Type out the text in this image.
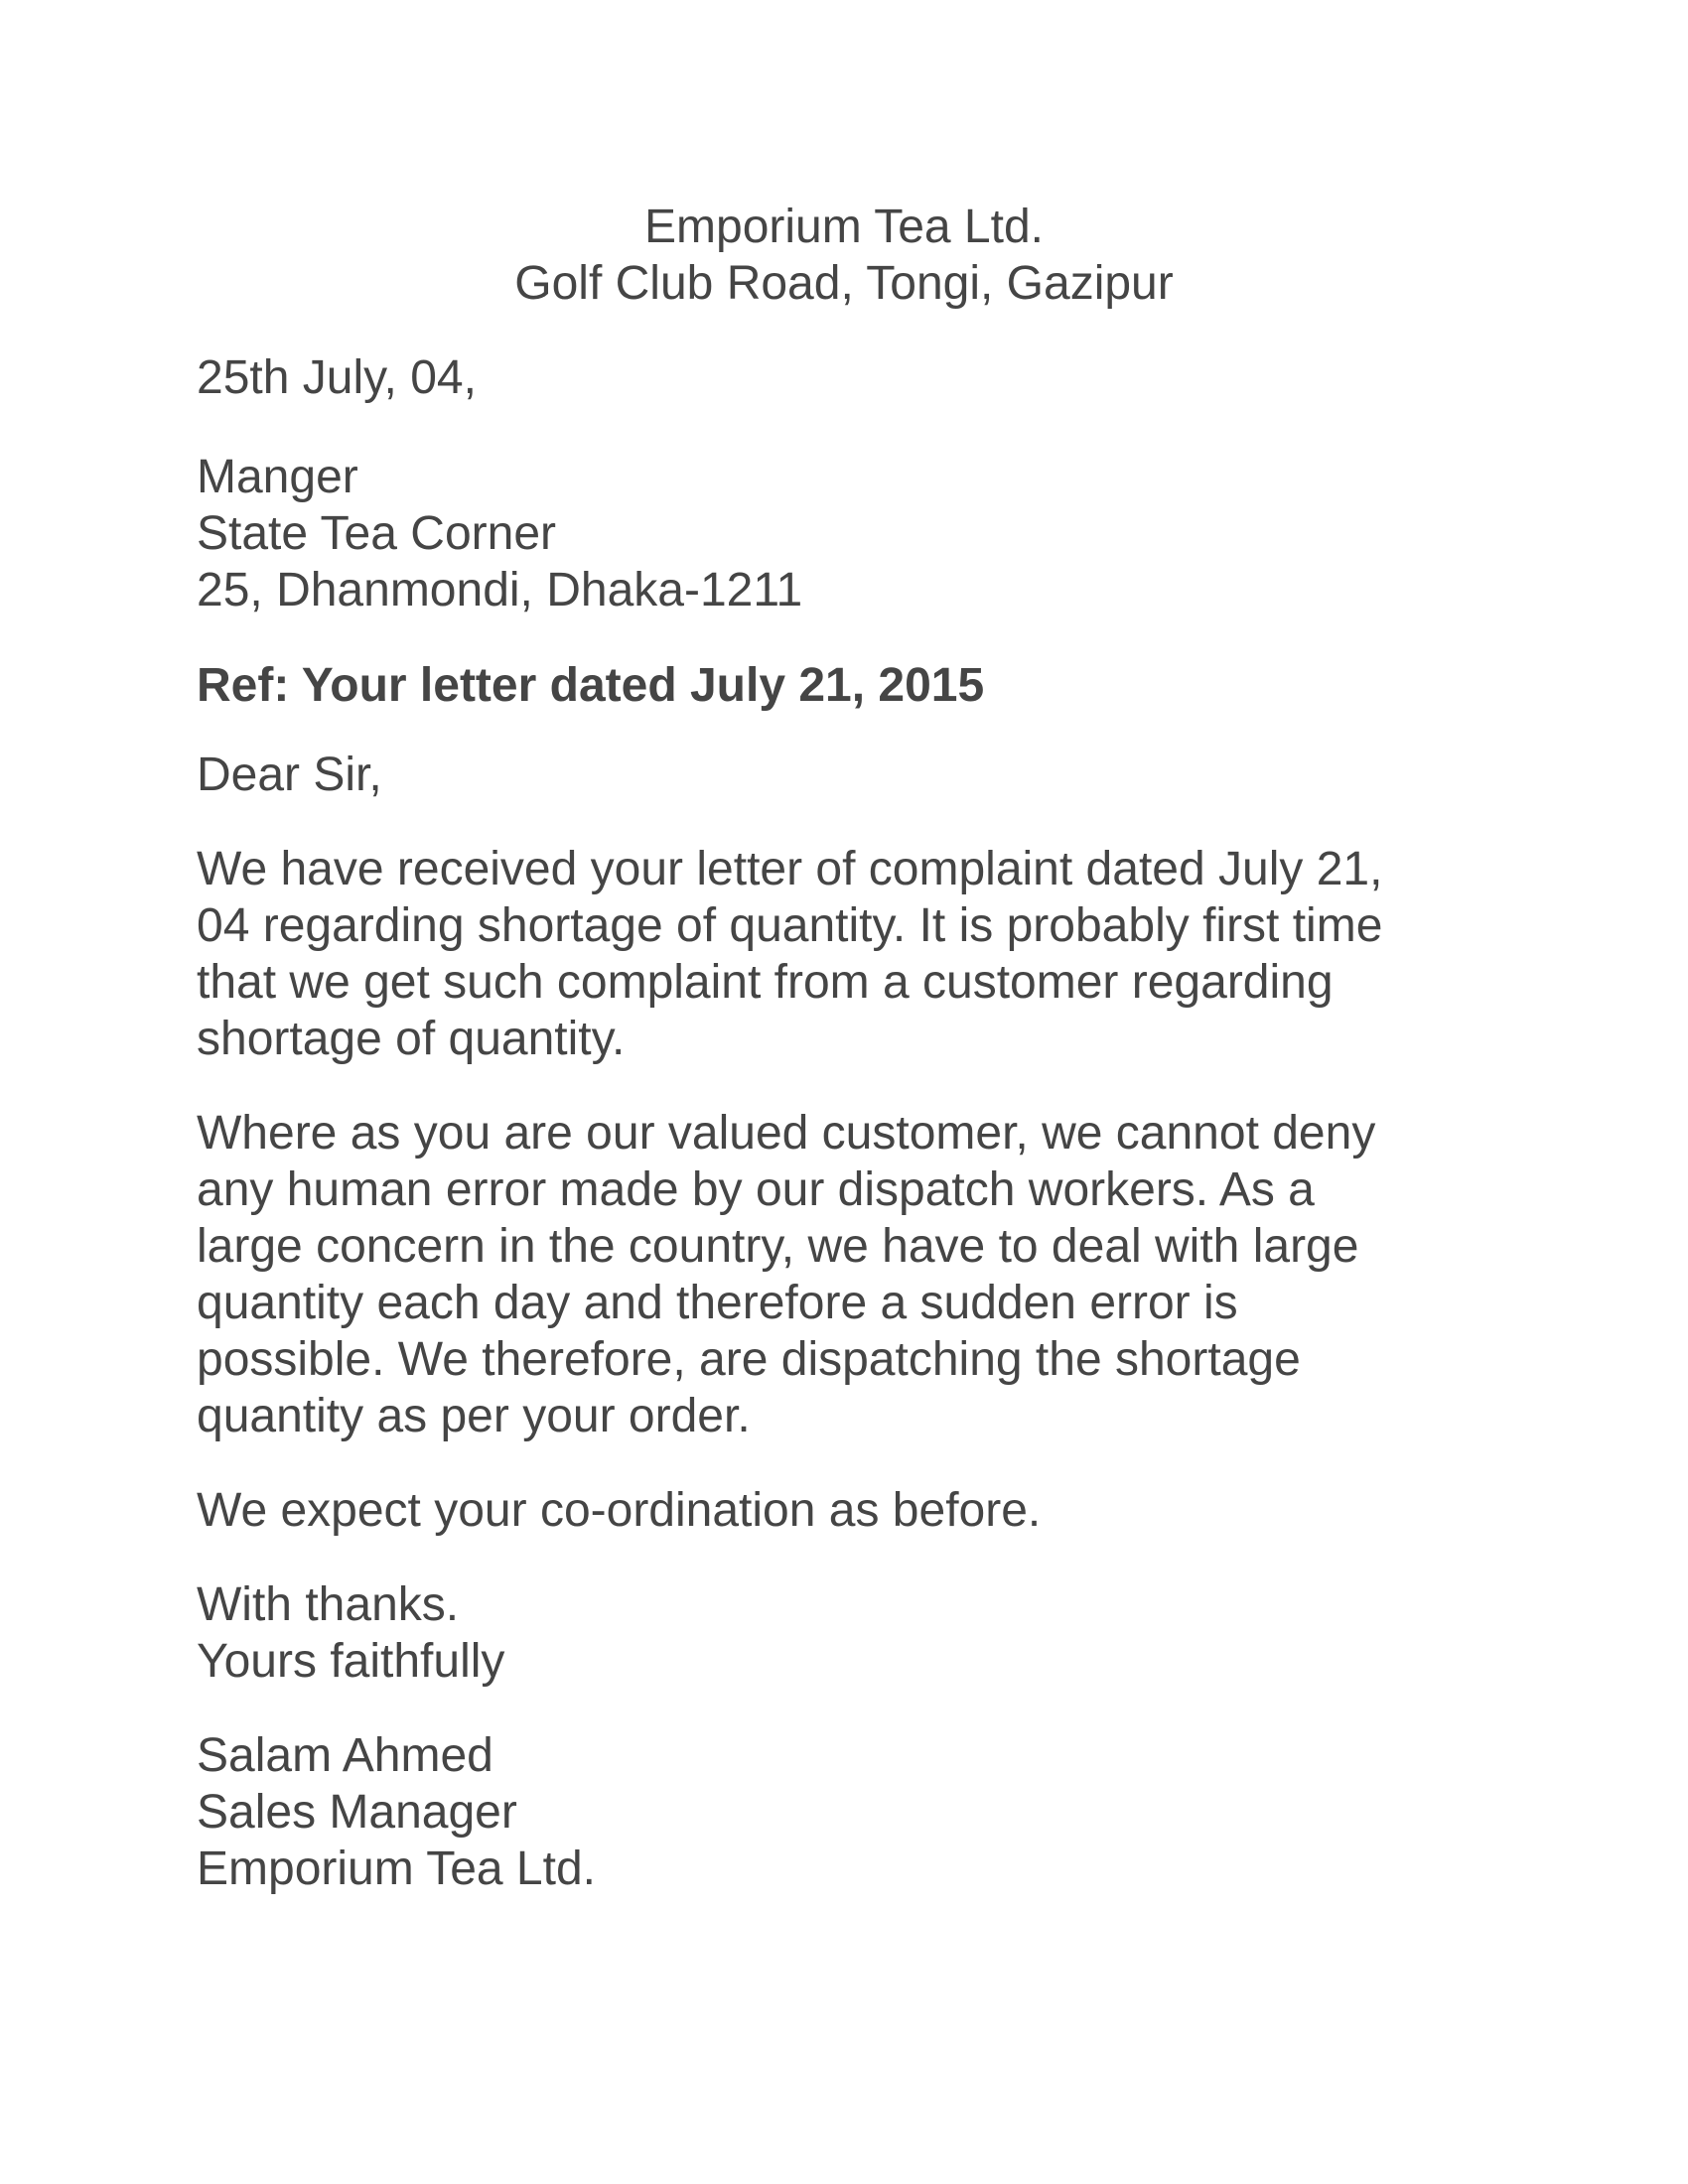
Emporium Tea Ltd.
Golf Club Road, Tongi, Gazipur
25th July, 04,
Manger
State Tea Corner
25, Dhanmondi, Dhaka-1211
Ref: Your letter dated July 21, 2015
Dear Sir,
We have received your letter of complaint dated July 21,
04 regarding shortage of quantity. It is probably first time
that we get such complaint from a customer regarding
shortage of quantity.
Where as you are our valued customer, we cannot deny
any human error made by our dispatch workers. As a
large concern in the country, we have to deal with large
quantity each day and therefore a sudden error is
possible. We therefore, are dispatching the shortage
quantity as per your order.
We expect your co-ordination as before.
With thanks.
Yours faithfully
Salam Ahmed
Sales Manager
Emporium Tea Ltd.
